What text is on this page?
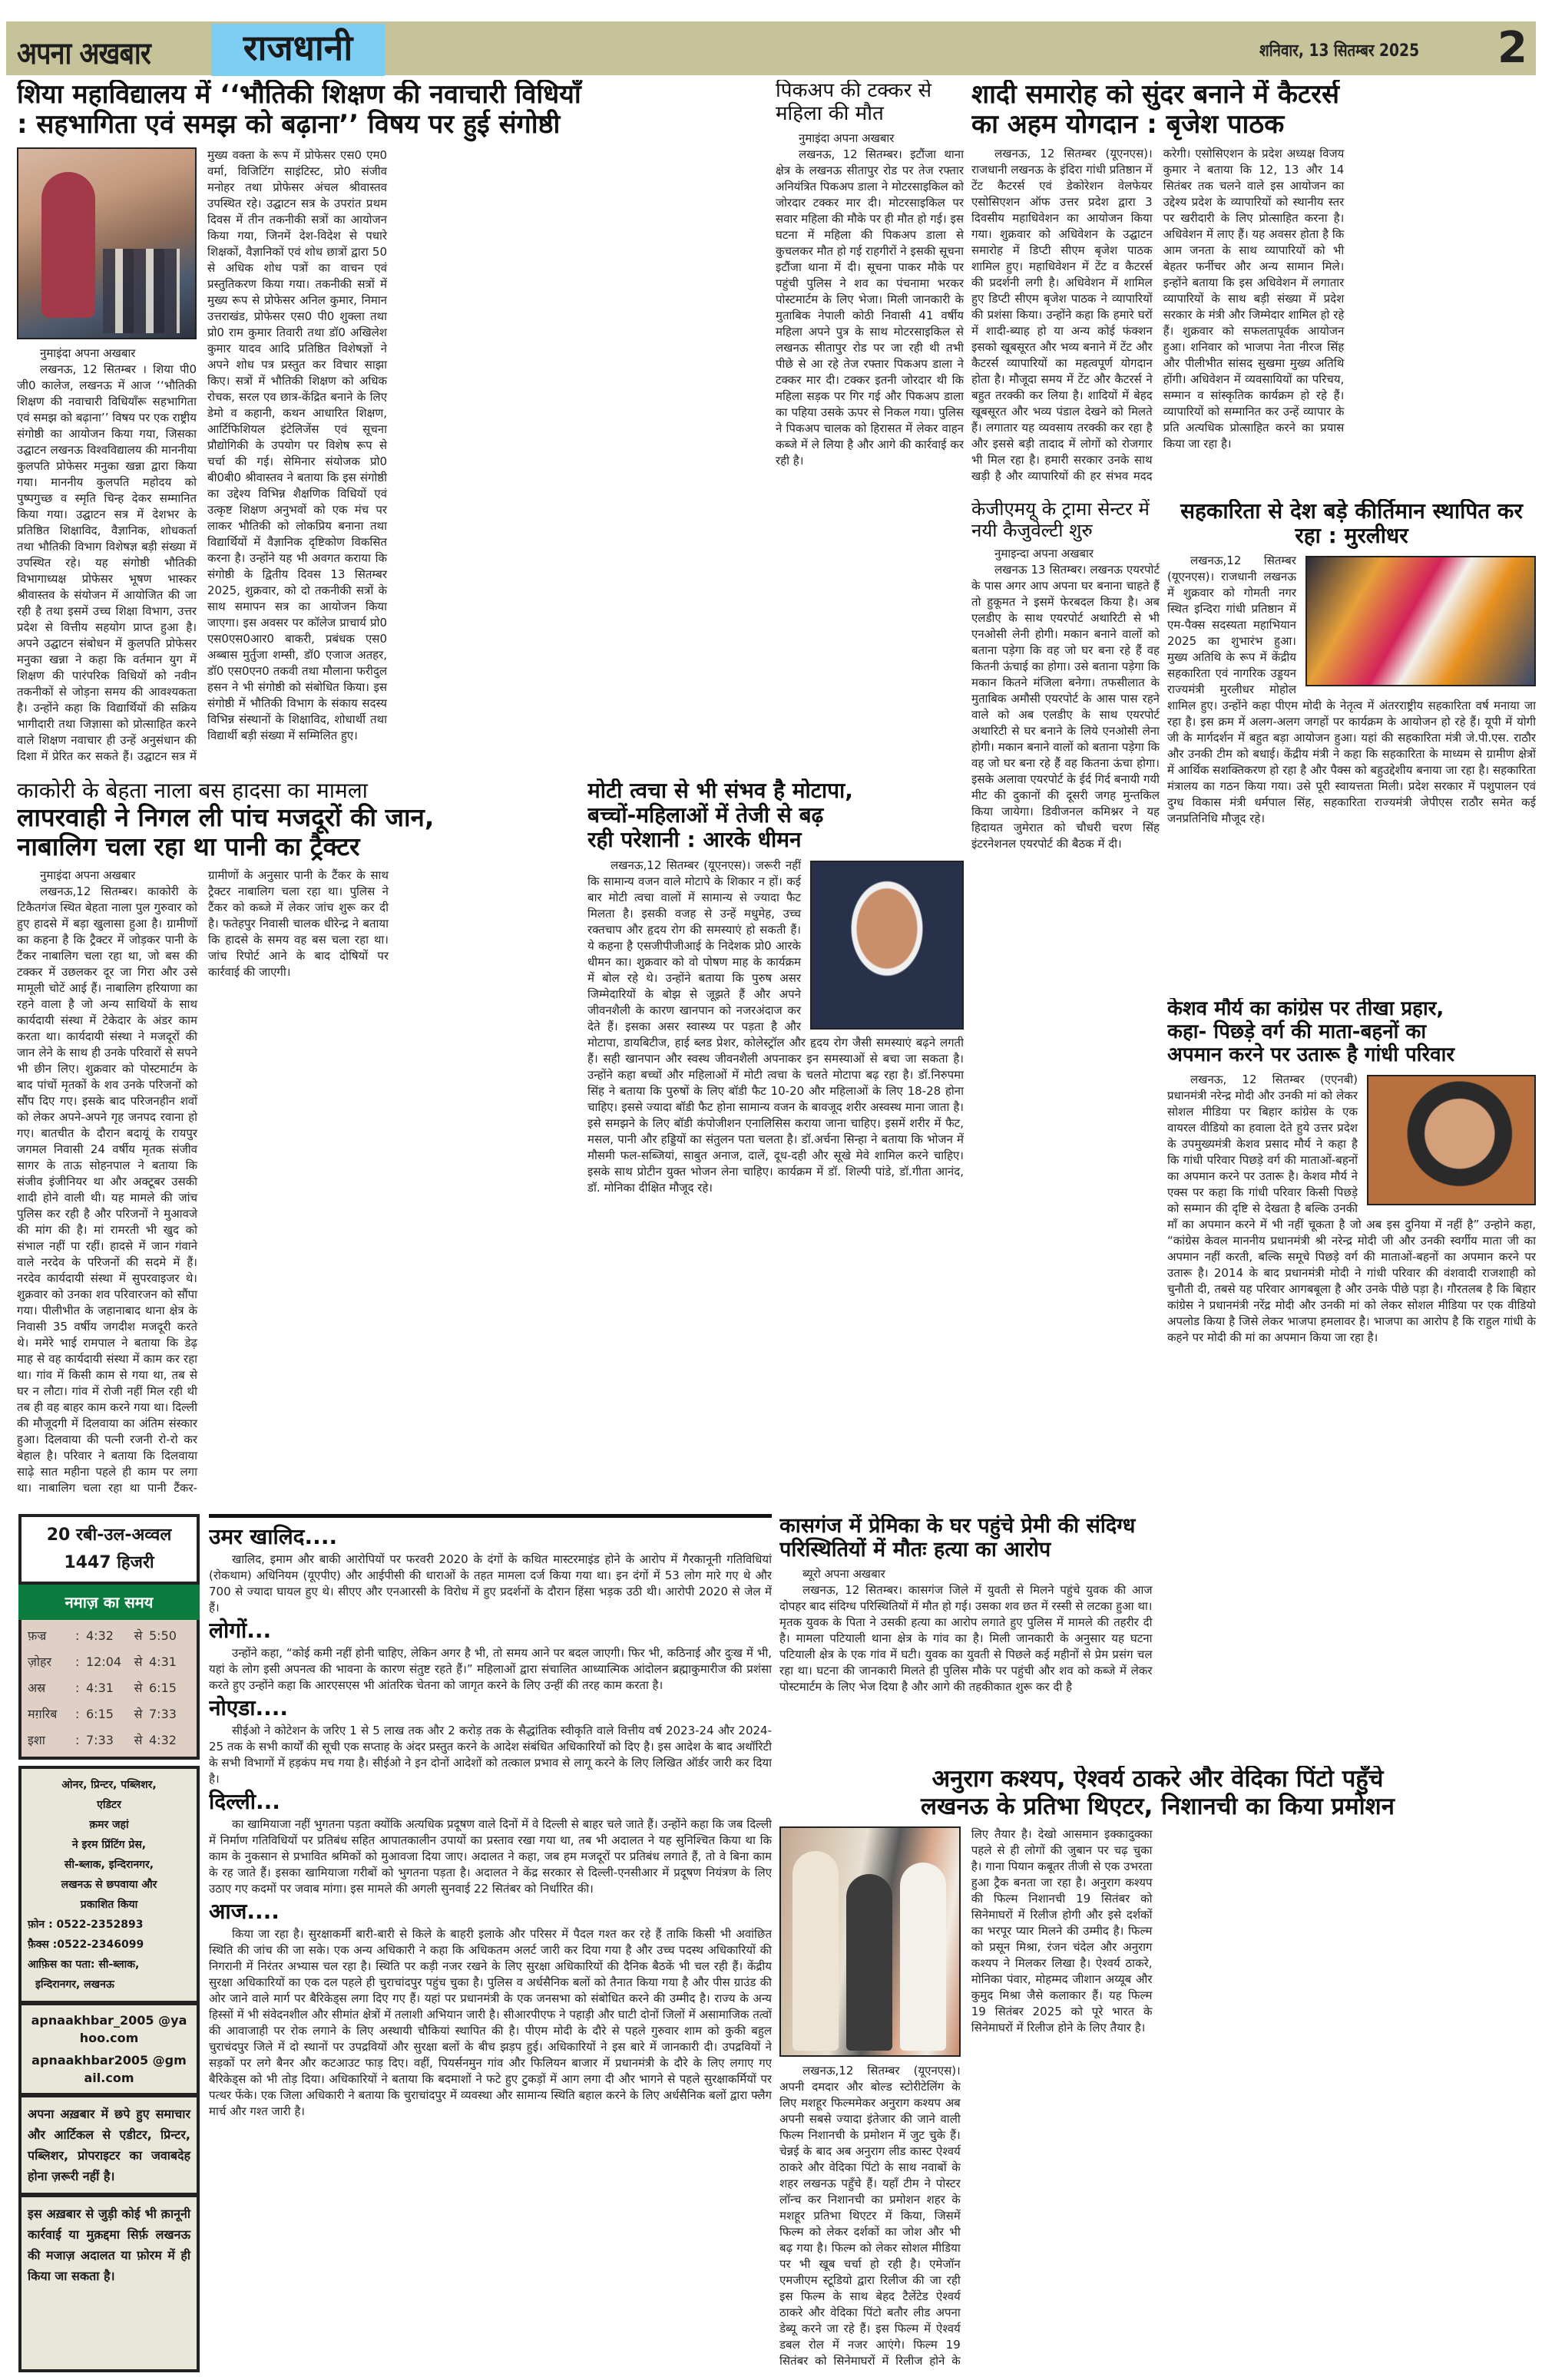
अपना अखबार	राजधानी	शनिवार, 13 सितम्बर 2025 2
शिया महाविद्यालय में ‘‘भौतिकी शिक्षण की नवाचारी विधियाँ
: सहभागिता एवं समझ को बढ़ाना’’ विषय पर हुई संगोष्ठी
नुमाइंदा अपना अखबार

लखनऊ, 12 सितम्बर । शिया पी0 जी0 कालेज, लखनऊ में आज ‘‘भौतिकी शिक्षण की नवाचारी विधियाँरू सहभागिता एवं समझ को बढ़ाना’’ विषय पर एक राष्ट्रीय संगोष्ठी का आयोजन किया गया, जिसका उद्घाटन लखनऊ विश्वविद्यालय की माननीया कुलपति प्रोफेसर मनुका खन्ना द्वारा किया गया। माननीय कुलपति महोदय को पुष्पगुच्छ व स्मृति चिन्ह देकर सम्मानित किया गया। उद्घाटन सत्र में देशभर के प्रतिष्ठित शिक्षाविद, वैज्ञानिक, शोधकर्ता तथा भौतिकी विभाग विशेषज्ञ बड़ी संख्या में उपस्थित रहे। यह संगोष्ठी भौतिकी विभागाध्यक्ष प्रोफेसर भूषण भास्कर श्रीवास्तव के संयोजन में आयोजित की जा रही है तथा इसमें उच्च शिक्षा विभाग, उत्तर प्रदेश से वित्तीय सहयोग प्राप्त हुआ है। अपने उद्घाटन संबोधन में कुलपति प्रोफेसर मनुका खन्ना ने कहा कि वर्तमान युग में शिक्षण की पारंपरिक विधियों को नवीन तकनीकों से जोड़ना समय की आवश्यकता है। उन्होंने कहा कि विद्यार्थियों की सक्रिय भागीदारी तथा जिज्ञासा को प्रोत्साहित करने वाले शिक्षण नवाचार ही उन्हें अनुसंधान की दिशा में प्रेरित कर सकते हैं। उद्घाटन सत्र में मुख्य वक्ता के रूप में प्रोफेसर एस0 एम0 वर्मा, विजिटिंग साइंटिस्ट, प्रो0 संजीव मनोहर तथा प्रोफेसर अंचल श्रीवास्तव उपस्थित रहे। उद्घाटन सत्र के उपरांत प्रथम दिवस में तीन तकनीकी सत्रों का आयोजन किया गया, जिनमें देश-विदेश से पधारे शिक्षकों, वैज्ञानिकों एवं शोध छात्रों द्वारा 50 से अधिक शोध पत्रों का वाचन एवं प्रस्तुतिकरण किया गया। तकनीकी सत्रों में मुख्य रूप से प्रोफेसर अनिल कुमार, निमान उत्तराखंड, प्रोफेसर एस0 पी0 शुक्ला तथा प्रो0 राम कुमार तिवारी तथा डॉ0 अखिलेश कुमार यादव आदि प्रतिष्ठित विशेषज्ञों ने अपने शोध पत्र प्रस्तुत कर विचार साझा किए। सत्रों में भौतिकी शिक्षण को अधिक रोचक, सरल एव छात्र-केंद्रित बनाने के लिए डेमो व कहानी, कथन आधारित शिक्षण, आर्टिफिशियल इंटेलिजेंस एवं सूचना प्रौद्योगिकी के उपयोग पर विशेष रूप से चर्चा की गई। सेमिनार संयोजक प्रो0 बी0बी0 श्रीवास्तव ने बताया कि इस संगोष्ठी का उद्देश्य विभिन्न शैक्षणिक विधियों एवं उत्कृष्ट शिक्षण अनुभवों को एक मंच पर लाकर भौतिकी को लोकप्रिय बनाना तथा विद्यार्थियों में वैज्ञानिक दृष्टिकोण विकसित करना है। उन्होंने यह भी अवगत कराया कि संगोष्ठी के द्वितीय दिवस 13 सितम्बर 2025, शुक्रवार, को दो तकनीकी सत्रों के साथ समापन सत्र का आयोजन किया जाएगा। इस अवसर पर कॉलेज प्राचार्य प्रो0 एस0एस0आर0 बाकरी, प्रबंधक एस0 अब्बास मुर्तुजा शम्सी, डॉ0 एजाज अतहर, डॉ0 एस0एन0 तकवी तथा मौलाना फरीदुल हसन ने भी संगोष्ठी को संबोधित किया। इस संगोष्ठी में भौतिकी विभाग के संकाय सदस्य विभिन्न संस्थानों के शिक्षाविद, शोधार्थी तथा विद्यार्थी बड़ी संख्या में सम्मिलित हुए।

पिकअप की टक्कर से महिला की मौत
नुमाइंदा अपना अखबार

लखनऊ, 12 सितम्बर। इटौंजा थाना क्षेत्र के लखनऊ सीतापुर रोड पर तेज रफ्तार अनियंत्रित पिकअप डाला ने मोटरसाइकिल को जोरदार टक्कर मार दी। मोटरसाइकिल पर सवार महिला की मौके पर ही मौत हो गई। इस घटना में महिला की पिकअप डाला से कुचलकर मौत हो गई राहगीरों ने इसकी सूचना इटौंजा थाना में दी। सूचना पाकर मौके पर पहुंची पुलिस ने शव का पंचनामा भरकर पोस्टमार्टम के लिए भेजा। मिली जानकारी के मुताबिक नेपाली कोठी निवासी 41 वर्षीय महिला अपने पुत्र के साथ मोटरसाइकिल से लखनऊ सीतापुर रोड पर जा रही थी तभी पीछे से आ रहे तेज रफ्तार पिकअप डाला ने टक्कर मार दी। टक्कर इतनी जोरदार थी कि महिला सड़क पर गिर गई और पिकअप डाला का पहिया उसके ऊपर से निकल गया। पुलिस ने पिकअप चालक को हिरासत में लेकर वाहन कब्जे में ले लिया है और आगे की कार्रवाई कर रही है।

शादी समारोह को सुंदर बनाने में कैटरर्स
का अहम योगदान : बृजेश पाठक

लखनऊ, 12 सितम्बर (यूएनएस)। राजधानी लखनऊ के इंदिरा गांधी प्रतिष्ठान में टेंट कैटरर्स एवं डेकोरेशन वेलफेयर एसोसिएशन ऑफ उत्तर प्रदेश द्वारा 3 दिवसीय महाधिवेशन का आयोजन किया गया। शुक्रवार को अधिवेशन के उद्घाटन समारोह में डिप्टी सीएम बृजेश पाठक शामिल हुए। महाधिवेशन में टेंट व कैटरर्स की प्रदर्शनी लगी है। अधिवेशन में शामिल हुए डिप्टी सीएम बृजेश पाठक ने व्यापारियों की प्रशंसा किया। उन्होंने कहा कि हमारे घरों में शादी-ब्याह हो या अन्य कोई फंक्शन इसको खूबसूरत और भव्य बनाने में टेंट और कैटरर्स व्यापारियों का महत्वपूर्ण योगदान होता है। मौजूदा समय में टेंट और कैटरर्स ने बहुत तरक्की कर लिया है। शादियों में बेहद खूबसूरत और भव्य पंडाल देखने को मिलते हैं। लगातार यह व्यवसाय तरक्की कर रहा है और इससे बड़ी तादाद में लोगों को रोजगार भी मिल रहा है। हमारी सरकार उनके साथ खड़ी है और व्यापारियों की हर संभव मदद करेगी। एसोसिएशन के प्रदेश अध्यक्ष विजय कुमार ने बताया कि 12, 13 और 14 सितंबर तक चलने वाले इस आयोजन का उद्देश्य प्रदेश के व्यापारियों को स्थानीय स्तर पर खरीदारी के लिए प्रोत्साहित करना है। अधिवेशन में लाए हैं। यह अवसर होता है कि आम जनता के साथ व्यापारियों को भी बेहतर फर्नीचर और अन्य सामान मिले। इन्होंने बताया कि इस अधिवेशन में लगातार व्यापारियों के साथ बड़ी संख्या में प्रदेश सरकार के मंत्री और जिम्मेदार शामिल हो रहे हैं। शुक्रवार को सफलतापूर्वक आयोजन हुआ। शनिवार को भाजपा नेता नीरज सिंह और पीलीभीत सांसद सुखमा मुख्य अतिथि होंगी। अधिवेशन में व्यवसायियों का परिचय, सम्मान व सांस्कृतिक कार्यक्रम हो रहे हैं। व्यापारियों को सम्मानित कर उन्हें व्यापार के प्रति अत्यधिक प्रोत्साहित करने का प्रयास किया जा रहा है।

केजीएमयू के ट्रामा सेन्टर में नयी कैजुवेल्टी शुरु
नुमाइन्दा अपना अखबार

लखनऊ 13 सितम्बर। लखनऊ एयरपोर्ट के पास अगर आप अपना घर बनाना चाहते हैं तो हुकूमत ने इसमें फेरबदल किया है। अब एलडीए के साथ एयरपोर्ट अथारिटी से भी एनओसी लेनी होगी। मकान बनाने वालों को बताना पड़ेगा कि वह जो घर बना रहे हैं वह कितनी ऊंचाई का होगा। उसे बताना पड़ेगा कि मकान कितने मंजिला बनेगा। तफसीलात के मुताबिक अमौसी एयरपोर्ट के आस पास रहने वाले को अब एलडीए के साथ एयरपोर्ट अथारिटी से घर बनाने के लिये एनओसी लेना होगी। मकान बनाने वालों को बताना पड़ेगा कि वह जो घर बना रहे हैं वह कितना ऊंचा होगा। इसके अलावा एयरपोर्ट के ईर्द गिर्द बनायी गयी मीट की दुकानों की दूसरी जगह मुन्तकिल किया जायेगा। डिवीजनल कमिश्नर ने यह हिदायत जुमेरात को चौधरी चरण सिंह इंटरनेशनल एयरपोर्ट की बैठक में दी।

सहकारिता से देश बड़े कीर्तिमान स्थापित कर रहा : मुरलीधर

लखनऊ,12 सितम्बर (यूएनएस)। राजधानी लखनऊ में शुक्रवार को गोमती नगर स्थित इन्दिरा गांधी प्रतिष्ठान में एम-पैक्स सदस्यता महाभियान 2025 का शुभारंभ हुआ। मुख्य अतिथि के रूप में केंद्रीय सहकारिता एवं नागरिक उड्डयन राज्यमंत्री मुरलीधर मोहोल शामिल हुए। उन्होंने कहा पीएम मोदी के नेतृत्व में अंतरराष्ट्रीय सहकारिता वर्ष मनाया जा रहा है। इस क्रम में अलग-अलग जगहों पर कार्यक्रम के आयोजन हो रहे हैं। यूपी में योगी जी के मार्गदर्शन में बहुत बड़ा आयोजन हुआ। यहां की सहकारिता मंत्री जे.पी.एस. राठौर और उनकी टीम को बधाई। केंद्रीय मंत्री ने कहा कि सहकारिता के माध्यम से ग्रामीण क्षेत्रों में आर्थिक सशक्तिकरण हो रहा है और पैक्स को बहुउद्देशीय बनाया जा रहा है। सहकारिता मंत्रालय का गठन किया गया। उसे पूरी स्वायत्तता मिली। प्रदेश सरकार में पशुपालन एवं दुग्ध विकास मंत्री धर्मपाल सिंह, सहकारिता राज्यमंत्री जेपीएस राठौर समेत कई जनप्रतिनिधि मौजूद रहे।

केशव मौर्य का कांग्रेस पर तीखा प्रहार,
कहा- पिछड़े वर्ग की माता-बहनों का
अपमान करने पर उतारू है गांधी परिवार

लखनऊ, 12 सितम्बर (एएनबी) प्रधानमंत्री नरेन्द्र मोदी और उनकी मां को लेकर सोशल मीडिया पर बिहार कांग्रेस के एक वायरल वीडियो का हवाला देते हुये उत्तर प्रदेश के उपमुख्यमंत्री केशव प्रसाद मौर्य ने कहा है कि गांधी परिवार पिछड़े वर्ग की माताओं-बहनों का अपमान करने पर उतारू है। केशव मौर्य ने एक्स पर कहा कि गांधी परिवार किसी पिछड़े को सम्मान की दृष्टि से देखता है बल्कि उनकी माँ का अपमान करने में भी नहीं चूकता है जो अब इस दुनिया में नहीं है” उन्होने कहा, “कांग्रेस केवल माननीय प्रधानमंत्री श्री नरेन्द्र मोदी जी और उनकी स्वर्गीय माता जी का अपमान नहीं करती, बल्कि समूचे पिछड़े वर्ग की माताओं-बहनों का अपमान करने पर उतारू है। 2014 के बाद प्रधानमंत्री मोदी ने गांधी परिवार की वंशवादी राजशाही को चुनौती दी, तबसे यह परिवार आगबबूला है और उनके पीछे पड़ा है। गौरतलब है कि बिहार कांग्रेस ने प्रधानमंत्री नरेंद्र मोदी और उनकी मां को लेकर सोशल मीडिया पर एक वीडियो अपलोड किया है जिसे लेकर भाजपा हमलावर है। भाजपा का आरोप है कि राहुल गांधी के कहने पर मोदी की मां का अपमान किया जा रहा है।

काकोरी के बेहता नाला बस हादसा का मामला
लापरवाही ने निगल ली पांच मजदूरों की जान,
नाबालिग चला रहा था पानी का ट्रैक्टर
नुमाइंदा अपना अखबार

लखनऊ,12 सितम्बर। काकोरी के टिकैतगंज स्थित बेहता नाला पुल गुरुवार को हुए हादसे में बड़ा खुलासा हुआ है। ग्रामीणों का कहना है कि ट्रैक्टर में जोड़कर पानी के टैंकर नाबालिग चला रहा था, जो बस की टक्कर में उछलकर दूर जा गिरा और उसे मामूली चोटें आई हैं। नाबालिग हरियाणा का रहने वाला है जो अन्य साथियों के साथ कार्यदायी संस्था में टेकेदार के अंडर काम करता था। कार्यदायी संस्था ने मजदूरों की जान लेने के साथ ही उनके परिवारों से सपने भी छीन लिए। शुक्रवार को पोस्टमार्टम के बाद पांचों मृतकों के शव उनके परिजनों को सौंप दिए गए। इसके बाद परिजनहीन शवों को लेकर अपने-अपने गृह जनपद रवाना हो गए। बातचीत के दौरान बदायूं के रायपुर जगमल निवासी 24 वर्षीय मृतक संजीव सागर के ताऊ सोहनपाल ने बताया कि संजीव इंजीनियर था और अक्टूबर उसकी शादी होने वाली थी। यह मामले की जांच पुलिस कर रही है और परिजनों ने मुआवजे की मांग की है। मां रामरती भी खुद को संभाल नहीं पा रहीं। हादसे में जान गंवाने वाले नरदेव के परिजनों की सदमे में हैं। नरदेव कार्यदायी संस्था में सुपरवाइजर थे। शुक्रवार को उनका शव परिवारजन को सौंपा गया। पीलीभीत के जहानाबाद थाना क्षेत्र के निवासी 35 वर्षीय जगदीश मजदूरी करते थे। ममेरे भाई रामपाल ने बताया कि डेढ़ माह से वह कार्यदायी संस्था में काम कर रहा था। गांव में किसी काम से गया था, तब से घर न लौटा। गांव में रोजी नहीं मिल रही थी तब ही वह बाहर काम करने गया था। दिल्ली की मौजूदगी में दिलवाया का अंतिम संस्कार हुआ। दिलवाया की पत्नी रजनी रो-रो कर बेहाल है। परिवार ने बताया कि दिलवाया साढ़े सात महीना पहले ही काम पर लगा था। नाबालिग चला रहा था पानी टैंकर-ग्रामीणों के अनुसार पानी के टैंकर के साथ ट्रैक्टर नाबालिग चला रहा था। पुलिस ने टैंकर को कब्जे में लेकर जांच शुरू कर दी है। फतेहपुर निवासी चालक धीरेन्द्र ने बताया कि हादसे के समय वह बस चला रहा था। जांच रिपोर्ट आने के बाद दोषियों पर कार्रवाई की जाएगी।

मोटी त्वचा से भी संभव है मोटापा,
बच्चों-महिलाओं में तेजी से बढ़
रही परेशानी : आरके धीमन

लखनऊ,12 सितम्बर (यूएनएस)। जरूरी नहीं कि सामान्य वजन वाले मोटापे के शिकार न हों। कई बार मोटी त्वचा वालों में सामान्य से ज्यादा फैट मिलता है। इसकी वजह से उन्हें मधुमेह, उच्च रक्तचाप और हृदय रोग की समस्याएं हो सकती हैं। ये कहना है एसजीपीजीआई के निदेशक प्रो0 आरके धीमन का। शुक्रवार को वो पोषण माह के कार्यक्रम में बोल रहे थे। उन्होंने बताया कि पुरुष असर जिम्मेदारियों के बोझ से जूझते हैं और अपने जीवनशैली के कारण खानपान को नजरअंदाज कर देते हैं। इसका असर स्वास्थ्य पर पड़ता है और मोटापा, डायबिटीज, हाई ब्लड प्रेशर, कोलेस्ट्रॉल और हृदय रोग जैसी समस्याएं बढ़ने लगती हैं। सही खानपान और स्वस्थ जीवनशैली अपनाकर इन समस्याओं से बचा जा सकता है। उन्होंने कहा बच्चों और महिलाओं में मोटी त्वचा के चलते मोटापा बढ़ रहा है। डॉ.निरुपमा सिंह ने बताया कि पुरुषों के लिए बॉडी फैट 10-20 और महिलाओं के लिए 18-28 होना चाहिए। इससे ज्यादा बॉडी फैट होना सामान्य वजन के बावजूद शरीर अस्वस्थ माना जाता है। इसे समझने के लिए बॉडी कंपोजीशन एनालिसिस कराया जाना चाहिए। इसमें शरीर में फैट, मसल, पानी और हड्डियों का संतुलन पता चलता है। डॉ.अर्चना सिन्हा ने बताया कि भोजन में मौसमी फल-सब्जियां, साबुत अनाज, दालें, दूध-दही और सूखे मेवे शामिल करने चाहिए। इसके साथ प्रोटीन युक्त भोजन लेना चाहिए। कार्यक्रम में डॉ. शिल्पी पांडे, डॉ.गीता आनंद, डॉ. मोनिका दीक्षित मौजूद रहे।

20 रबी-उल-अव्वल
1447 हिजरी
नमाज़ का समय
फ़ज्र	: 4:32	से 5:50
ज़ोहर	: 12:04	से 4:31
अस्र	: 4:31	से 6:15
मग़रिब	: 6:15	से 7:33
इशा	: 7:33	से 4:32
ओनर, प्रिन्टर, पब्लिशर,
एडिटर
क़मर जहां
ने इरम प्रिंटिंग प्रेस,
सी-ब्लाक, इन्दिरानगर,
लखनऊ से छपवाया और
प्रकाशित किया
फ़ोन : 0522-2352893
फ़ैक्स :0522-2346099
आफ़िस का पता: सी-ब्लाक,
इन्दिरानगर, लखनऊ
apnaakhbar_2005 @yahoo.com
apnaakhbar2005 @gmail.com
अपना अख़बार में छपे हुए समाचार और आर्टिकल से एडीटर, प्रिन्टर, पब्लिशर, प्रोपराइटर का जवाबदेह होना ज़रूरी नहीं है।
इस अख़बार से जुड़ी कोई भी क़ानूनी कार्रवाई या मुक़द्दमा सिर्फ़ लखनऊ की मजाज़ अदालत या फ़ोरम में ही किया जा सकता है।
उमर खालिद....

खालिद, इमाम और बाकी आरोपियों पर फरवरी 2020 के दंगों के कथित मास्टरमाइंड होने के आरोप में गैरकानूनी गतिविधियां (रोकथाम) अधिनियम (यूएपीए) और आईपीसी की धाराओं के तहत मामला दर्ज किया गया था। इन दंगों में 53 लोग मारे गए थे और 700 से ज्यादा घायल हुए थे। सीएए और एनआरसी के विरोध में हुए प्रदर्शनों के दौरान हिंसा भड़क उठी थी। आरोपी 2020 से जेल में हैं।

लोगों...

उन्होंने कहा, “कोई कमी नहीं होनी चाहिए, लेकिन अगर है भी, तो समय आने पर बदल जाएगी। फिर भी, कठिनाई और दुःख में भी, यहां के लोग इसी अपनत्व की भावना के कारण संतुष्ट रहते हैं।” महिलाओं द्वारा संचालित आध्यात्मिक आंदोलन ब्रह्माकुमारीज की प्रशंसा करते हुए उन्होंने कहा कि आरएसएस भी आंतरिक चेतना को जागृत करने के लिए उन्हीं की तरह काम करता है।

नोएडा....

सीईओ ने कोटेशन के जरिए 1 से 5 लाख तक और 2 करोड़ तक के सैद्धांतिक स्वीकृति वाले वित्तीय वर्ष 2023-24 और 2024-25 तक के सभी कार्यों की सूची एक सप्ताह के अंदर प्रस्तुत करने के आदेश संबंधित अधिकारियों को दिए है। इस आदेश के बाद अथॉरिटी के सभी विभागों में हड़कंप मच गया है। सीईओ ने इन दोनों आदेशों को तत्काल प्रभाव से लागू करने के लिए लिखित ऑर्डर जारी कर दिया है।

दिल्ली...

का खामियाजा नहीं भुगतना पड़ता क्योंकि अत्यधिक प्रदूषण वाले दिनों में वे दिल्ली से बाहर चले जाते हैं। उन्होंने कहा कि जब दिल्ली में निर्माण गतिविधियों पर प्रतिबंध सहित आपातकालीन उपायों का प्रस्ताव रखा गया था, तब भी अदालत ने यह सुनिश्चित किया था कि काम के नुकसान से प्रभावित श्रमिकों को मुआवजा दिया जाए। अदालत ने कहा, जब हम मजदूरों पर प्रतिबंध लगाते हैं, तो वे बिना काम के रह जाते हैं। इसका खामियाजा गरीबों को भुगतना पड़ता है। अदालत ने केंद्र सरकार से दिल्ली-एनसीआर में प्रदूषण नियंत्रण के लिए उठाए गए कदमों पर जवाब मांगा। इस मामले की अगली सुनवाई 22 सितंबर को निर्धारित की।

आज....

किया जा रहा है। सुरक्षाकर्मी बारी-बारी से किले के बाहरी इलाके और परिसर में पैदल गश्त कर रहे हैं ताकि किसी भी अवांछित स्थिति की जांच की जा सके। एक अन्य अधिकारी ने कहा कि अधिकतम अलर्ट जारी कर दिया गया है और उच्च पदस्थ अधिकारियों की निगरानी में निरंतर अभ्यास चल रहा है। स्थिति पर कड़ी नजर रखने के लिए सुरक्षा अधिकारियों की दैनिक बैठकें भी चल रही हैं। केंद्रीय सुरक्षा अधिकारियों का एक दल पहले ही चुराचांदपुर पहुंच चुका है। पुलिस व अर्धसैनिक बलों को तैनात किया गया है और पीस ग्राउंड की ओर जाने वाले मार्ग पर बैरिकेड्स लगा दिए गए हैं। यहां पर प्रधानमंत्री के एक जनसभा को संबोधित करने की उम्मीद है। राज्य के अन्य हिस्सों में भी संवेदनशील और सीमांत क्षेत्रों में तलाशी अभियान जारी है। सीआरपीएफ ने पहाड़ी और घाटी दोनों जिलों में असामाजिक तत्वों की आवाजाही पर रोक लगाने के लिए अस्थायी चौकियां स्थापित की है। पीएम मोदी के दौरे से पहले गुरुवार शाम को कुकी बहुल चुराचंदपुर जिले में दो स्थानों पर उपद्रवियों और सुरक्षा बलों के बीच झड़प हुई। अधिकारियों ने इस बारे में जानकारी दी। उपद्रवियों ने सड़कों पर लगे बैनर और कटआउट फाड़ दिए। वहीं, पियर्सनमुन गांव और फिलियन बाजार में प्रधानमंत्री के दौरे के लिए लगाए गए बैरिकेड्स को भी तोड़ दिया। अधिकारियों ने बताया कि बदमाशों ने फटे हुए टुकड़ों में आग लगा दी और भागने से पहले सुरक्षाकर्मियों पर पत्थर फेंके। एक जिला अधिकारी ने बताया कि चुराचांदपुर में व्यवस्था और सामान्य स्थिति बहाल करने के लिए अर्धसैनिक बलों द्वारा फ्लैग मार्च और गश्त जारी है।

कासगंज में प्रेमिका के घर पहुंचे प्रेमी की संदिग्ध
परिस्थितियों में मौतः हत्या का आरोप
ब्यूरो अपना अखबार

लखनऊ, 12 सितम्बर। कासगंज जिले में युवती से मिलने पहुंचे युवक की आज दोपहर बाद संदिग्ध परिस्थितियों में मौत हो गई। उसका शव छत में रस्सी से लटका हुआ था। मृतक युवक के पिता ने उसकी हत्या का आरोप लगाते हुए पुलिस में मामले की तहरीर दी है। मामला पटियाली थाना क्षेत्र के गांव का है। मिली जानकारी के अनुसार यह घटना पटियाली क्षेत्र के एक गांव में घटी। युवक का युवती से पिछले कई महीनों से प्रेम प्रसंग चल रहा था। घटना की जानकारी मिलते ही पुलिस मौके पर पहुंची और शव को कब्जे में लेकर पोस्टमार्टम के लिए भेज दिया है और आगे की तहकीकात शुरू कर दी है

अनुराग कश्यप, ऐश्वर्य ठाकरे और वेदिका पिंटो पहुँचे
लखनऊ के प्रतिभा थिएटर, निशानची का किया प्रमोशन

लखनऊ,12 सितम्बर (यूएनएस)। अपनी दमदार और बोल्ड स्टोरीटेलिंग के लिए मशहूर फिल्ममेकर अनुराग कश्यप अब अपनी सबसे ज्यादा इंतेजार की जाने वाली फिल्म निशानची के प्रमोशन में जुट चुके हैं। चेन्नई के बाद अब अनुराग लीड कास्ट ऐश्वर्य ठाकरे और वेदिका पिंटो के साथ नवाबों के शहर लखनऊ पहुँचे हैं। यहाँ टीम ने पोस्टर लॉन्च कर निशानची का प्रमोशन शहर के मशहूर प्रतिभा थिएटर में किया, जिसमें फिल्म को लेकर दर्शकों का जोश और भी बढ़ गया है। फिल्म को लेकर सोशल मीडिया पर भी खूब चर्चा हो रही है। एमेजॉन एमजीएम स्टूडियो द्वारा रिलीज की जा रही इस फिल्म के साथ बेहद टैलेंटेड ऐश्वर्य ठाकरे और वेदिका पिंटो बतौर लीड अपना डेब्यू करने जा रहे हैं। इस फिल्म में ऐश्वर्य डबल रोल में नजर आएंगे। फिल्म 19 सितंबर को सिनेमाघरों में रिलीज होने के लिए तैयार है। देखो आसमान इक्कादुक्का पहले से ही लोगों की जुबान पर चढ़ चुका है। गाना पियान कबूतर तीजी से एक उभरता हुआ ट्रैक बनता जा रहा है। अनुराग कश्यप की फिल्म निशानची 19 सितंबर को सिनेमाघरों में रिलीज होगी और इसे दर्शकों का भरपूर प्यार मिलने की उम्मीद है। फिल्म को प्रसून मिश्रा, रंजन चंदेल और अनुराग कश्यप ने मिलकर लिखा है। ऐश्वर्य ठाकरे, मोनिका पंवार, मोहम्मद जीशान अय्यूब और कुमुद मिश्रा जैसे कलाकार हैं। यह फिल्म 19 सितंबर 2025 को पूरे भारत के सिनेमाघरों में रिलीज होने के लिए तैयार है।
